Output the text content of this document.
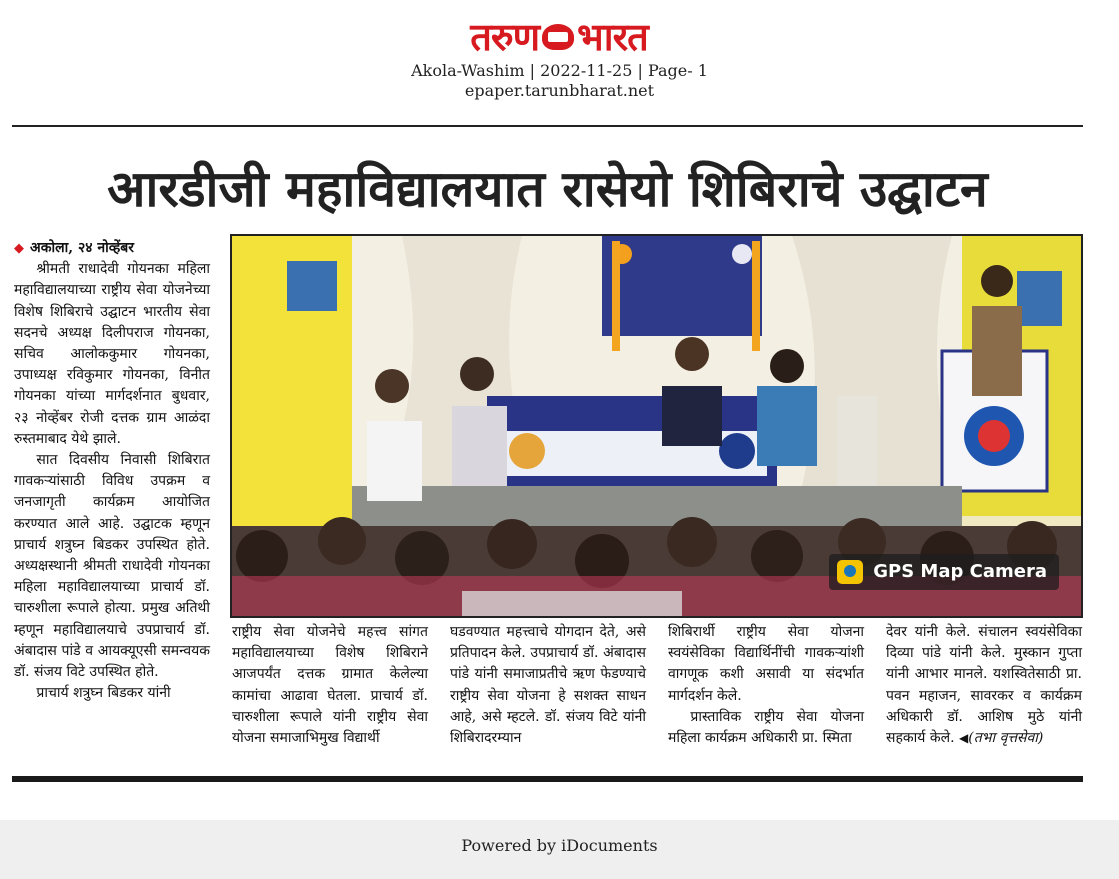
तरुण भारत
Akola-Washim | 2022-11-25 | Page- 1
epaper.tarunbharat.net
आरडीजी महाविद्यालयात रासेयो शिबिराचे उद्घाटन
GPS Map Camera

◆ अकोला, २४ नोव्हेंबर

श्रीमती राधादेवी गोयनका महिला महाविद्यालयाच्या राष्ट्रीय सेवा योजनेच्या विशेष शिबिराचे उद्घाटन भारतीय सेवा सदनचे अध्यक्ष दिलीपराज गोयनका, सचिव आलोककुमार गोयनका, उपाध्यक्ष रविकुमार गोयनका, विनीत गोयनका यांच्या मार्गदर्शनात बुधवार, २३ नोव्हेंबर रोजी दत्तक ग्राम आळंदा रुस्तमाबाद येथे झाले.

सात दिवसीय निवासी शिबिरात गावकऱ्यांसाठी विविध उपक्रम व जनजागृती कार्यक्रम आयोजित करण्यात आले आहे. उद्घाटक म्हणून प्राचार्य शत्रुघ्न बिडकर उपस्थित होते. अध्यक्षस्थानी श्रीमती राधादेवी गोयनका महिला महाविद्यालयाच्या प्राचार्य डॉ. चारुशीला रूपाले होत्या. प्रमुख अतिथी म्हणून महाविद्यालयाचे उपप्राचार्य डॉ. अंबादास पांडे व आयक्यूएसी समन्वयक डॉ. संजय विटे उपस्थित होते.

प्राचार्य शत्रुघ्न बिडकर यांनी

राष्ट्रीय सेवा योजनेचे महत्त्व सांगत महाविद्यालयाच्या विशेष शिबिराने आजपर्यंत दत्तक ग्रामात केलेल्या कामांचा आढावा घेतला. प्राचार्य डॉ. चारुशीला रूपाले यांनी राष्ट्रीय सेवा योजना समाजाभिमुख विद्यार्थी

घडवण्यात महत्त्वाचे योगदान देते, असे प्रतिपादन केले. उपप्राचार्य डॉ. अंबादास पांडे यांनी समाजाप्रतीचे ऋण फेडण्याचे राष्ट्रीय सेवा योजना हे सशक्त साधन आहे, असे म्हटले. डॉ. संजय विटे यांनी शिबिरादरम्यान

शिबिरार्थी राष्ट्रीय सेवा योजना स्वयंसेविका विद्यार्थिनींची गावकऱ्यांशी वागणूक कशी असावी या संदर्भात मार्गदर्शन केले.

प्रास्ताविक राष्ट्रीय सेवा योजना महिला कार्यक्रम अधिकारी प्रा. स्मिता

देवर यांनी केले. संचालन स्वयंसेविका दिव्या पांडे यांनी केले. मुस्कान गुप्ता यांनी आभार मानले. यशस्वितेसाठी प्रा. पवन महाजन, सावरकर व कार्यक्रम अधिकारी डॉ. आशिष मुठे यांनी सहकार्य केले. ◀(तभा वृत्तसेवा)

Powered by iDocuments
